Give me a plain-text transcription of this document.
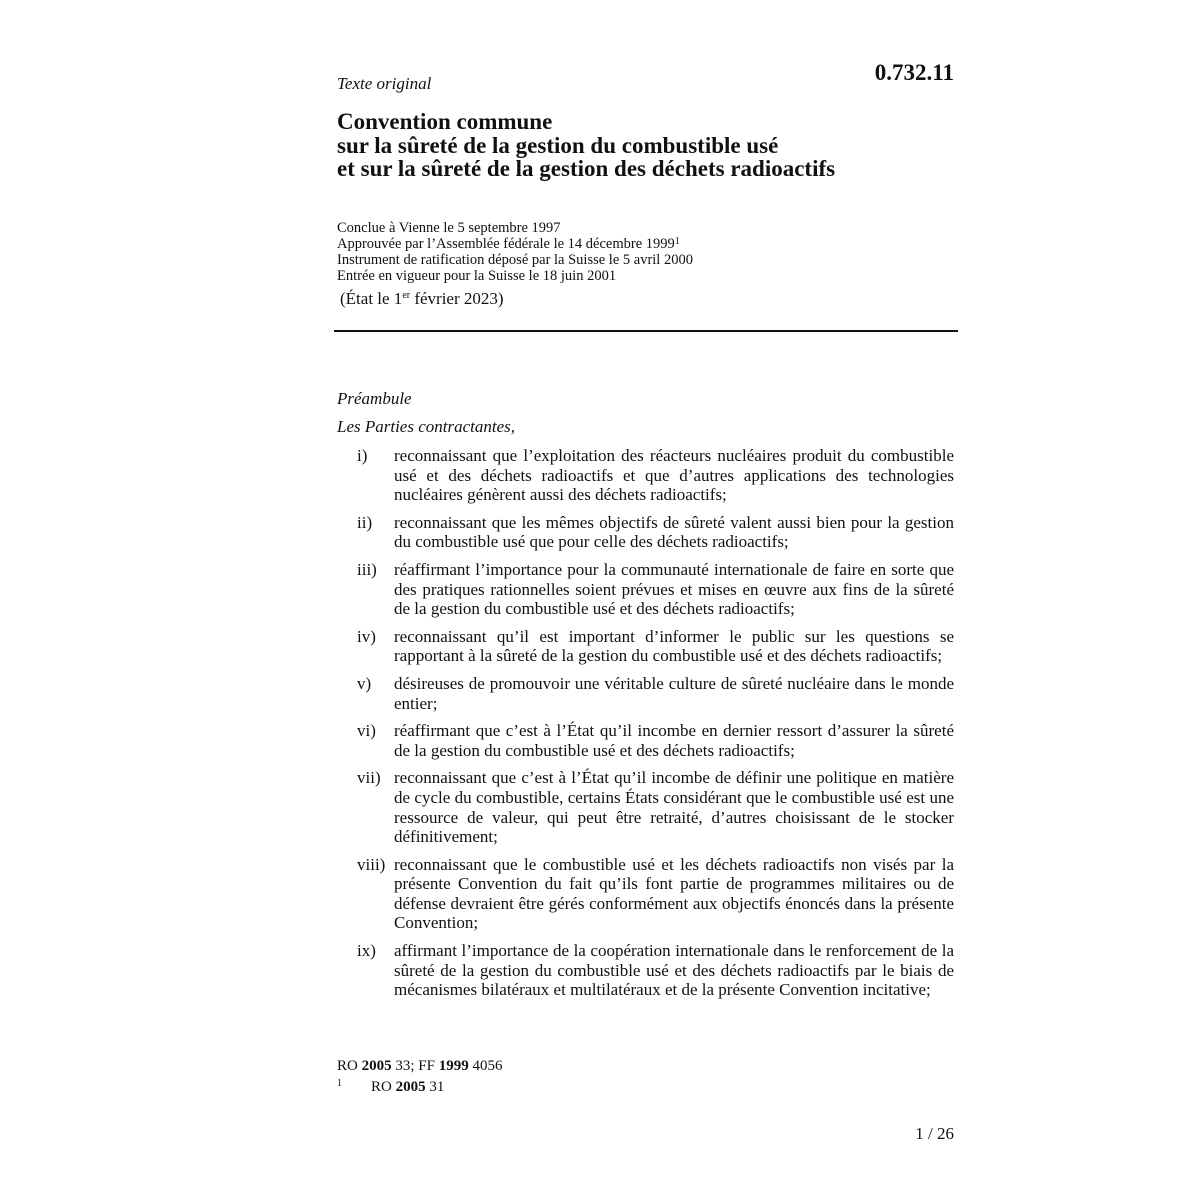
Texte original	0.732.11

Convention commune
sur la sûreté de la gestion du combustible usé
et sur la sûreté de la gestion des déchets radioactifs
Conclue à Vienne le 5 septembre 1997
Approuvée par l’Assemblée fédérale le 14 décembre 1999$^1$
Instrument de ratification déposé par la Suisse le 5 avril 2000
Entrée en vigueur pour la Suisse le 18 juin 2001

(État le 1er février 2023)

Préambule

Les Parties contractantes,

i) reconnaissant que l’exploitation des réacteurs nucléaires produit du combustible usé et des déchets radioactifs et que d’autres applications des technologies nucléaires génèrent aussi des déchets radioactifs;
ii) reconnaissant que les mêmes objectifs de sûreté valent aussi bien pour la gestion du combustible usé que pour celle des déchets radioactifs;
iii) réaffirmant l’importance pour la communauté internationale de faire en sorte que des pratiques rationnelles soient prévues et mises en œuvre aux fins de la sûreté de la gestion du combustible usé et des déchets radioactifs;
iv) reconnaissant qu’il est important d’informer le public sur les questions se rapportant à la sûreté de la gestion du combustible usé et des déchets radioactifs;
v) désireuses de promouvoir une véritable culture de sûreté nucléaire dans le monde entier;
vi) réaffirmant que c’est à l’État qu’il incombe en dernier ressort d’assurer la sûreté de la gestion du combustible usé et des déchets radioactifs;
vii) reconnaissant que c’est à l’État qu’il incombe de définir une politique en matière de cycle du combustible, certains États considérant que le combustible usé est une ressource de valeur, qui peut être retraité, d’autres choisissant de le stocker définitivement;
viii) reconnaissant que le combustible usé et les déchets radioactifs non visés par la présente Convention du fait qu’ils font partie de programmes militaires ou de défense devraient être gérés conformément aux objectifs énoncés dans la présente Convention;
ix) affirmant l’importance de la coopération internationale dans le renforcement de la sûreté de la gestion du combustible usé et des déchets radioactifs par le biais de mécanismes bilatéraux et multilatéraux et de la présente Convention incitative;

RO 2005 33; FF 1999 4056

1 RO 2005 31

1 / 26
